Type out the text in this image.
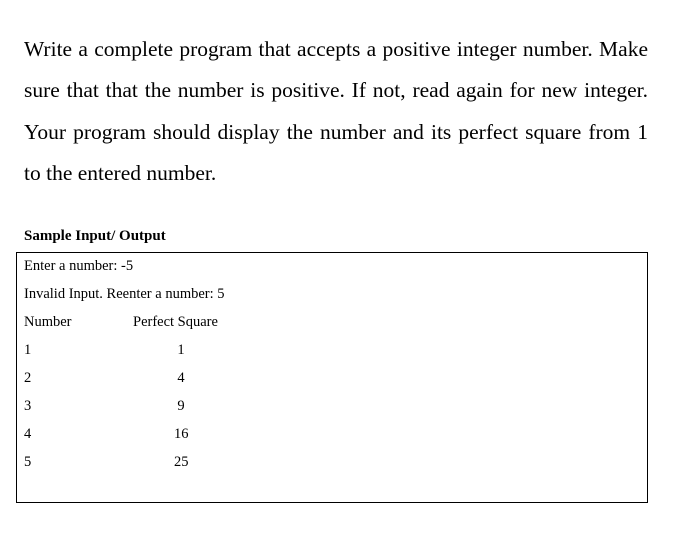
Write a complete program that accepts a positive integer number. Make sure that that the number is positive. If not, read again for new integer. Your program should display the number and its perfect square from 1 to the entered number.

Sample Input/ Output

Enter a number: -5

Invalid Input. Reenter a number: 5

Number	Perfect Square
1	1
2	4
3	9
4	16
5	25
